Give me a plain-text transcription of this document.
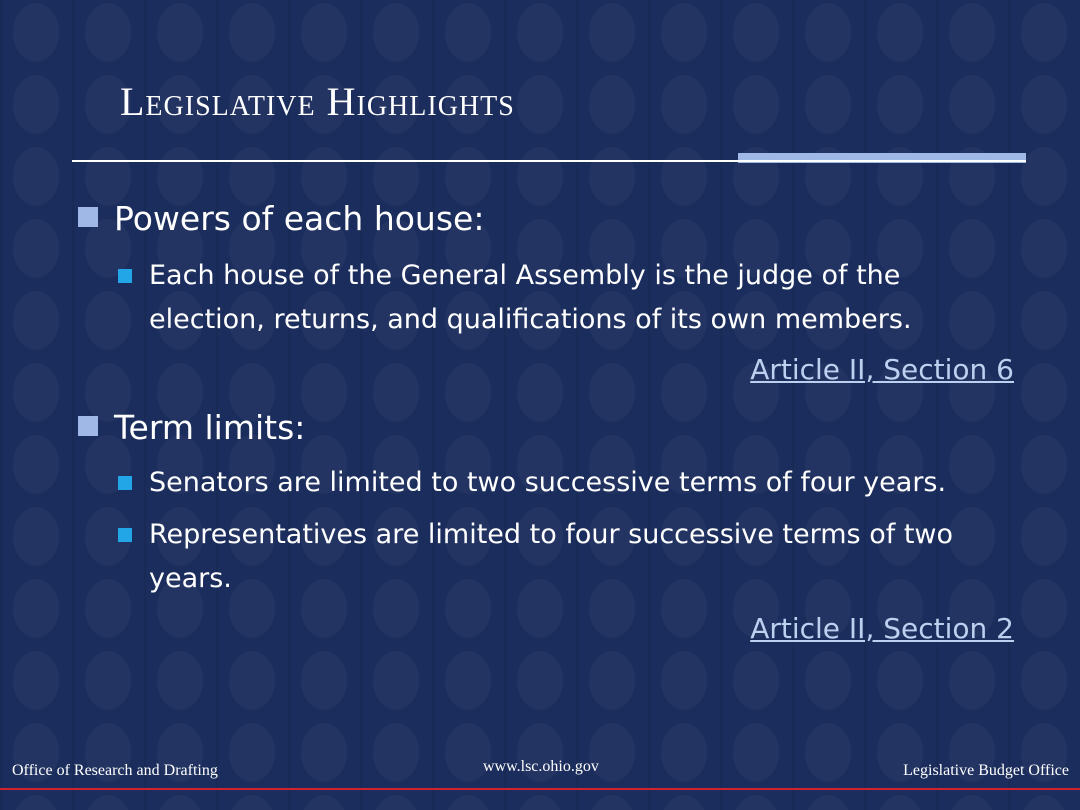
Legislative Highlights
Powers of each house:
Each house of the General Assembly is the judge of the election, returns, and qualifications of its own members.
Article II, Section 6
Term limits:
Senators are limited to two successive terms of four years.
Representatives are limited to four successive terms of two years.
Article II, Section 2
Office of Research and Drafting	www.lsc.ohio.gov	Legislative Budget Office
